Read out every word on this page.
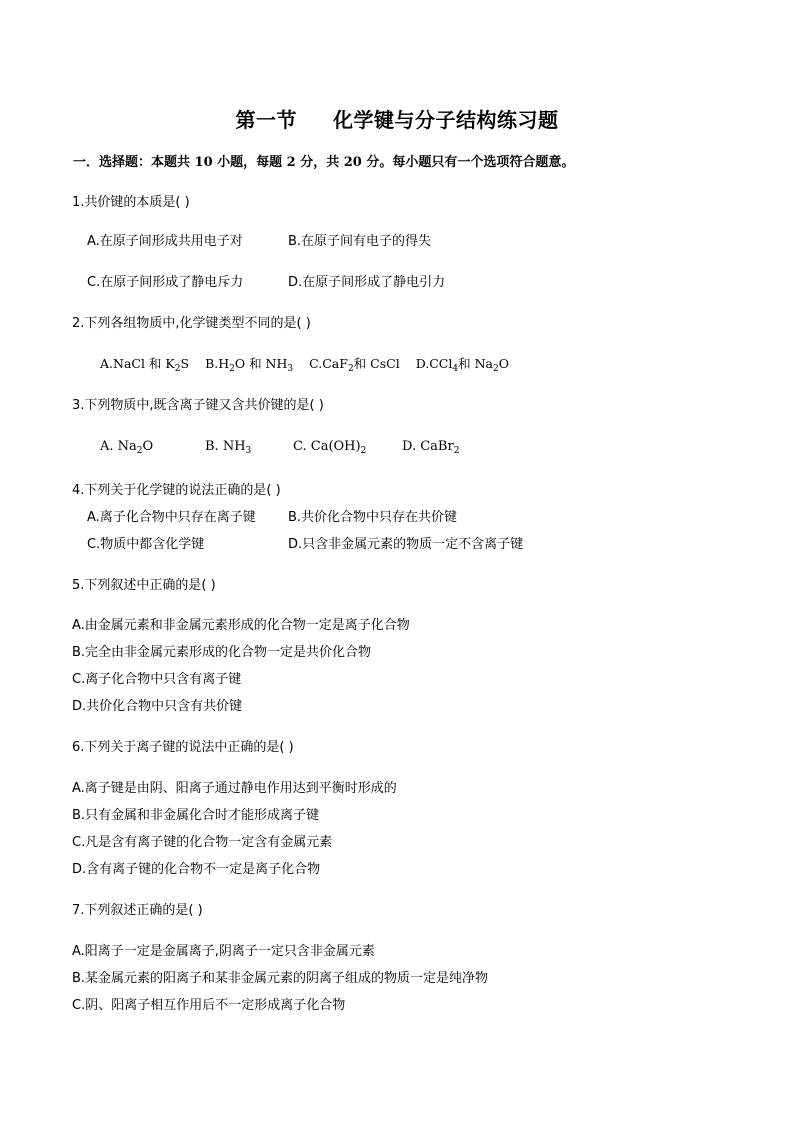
第一节 化学键与分子结构练习题
一．选择题：本题共 10 小题，每题 2 分，共 20 分。每小题只有一个选项符合题意。
1.共价键的本质是( )
A.在原子间形成共用电子对	B.在原子间有电子的得失
C.在原子间形成了静电斥力	D.在原子间形成了静电引力
2.下列各组物质中,化学键类型不同的是( )
A.NaCl 和 $K_2S$ $B.H_2O$ 和 $NH_3$ C.CaF$_2$和 CsCl D.CCl$_4$和 $Na_2O$
3.下列物质中,既含离子键又含共价键的是( )
A. $Na_2O$	B. $NH_3$	C. $Ca(OH)_2$	D. CaBr$_2$
4.下列关于化学键的说法正确的是( )
A.离子化合物中只存在离子键 B.共价化合物中只存在共价键
C.物质中都含化学键	D.只含非金属元素的物质一定不含离子键
5.下列叙述中正确的是( )
A.由金属元素和非金属元素形成的化合物一定是离子化合物
B.完全由非金属元素形成的化合物一定是共价化合物
C.离子化合物中只含有离子键
D.共价化合物中只含有共价键
6.下列关于离子键的说法中正确的是( )
A.离子键是由阴、阳离子通过静电作用达到平衡时形成的
B.只有金属和非金属化合时才能形成离子键
C.凡是含有离子键的化合物一定含有金属元素
D.含有离子键的化合物不一定是离子化合物
7.下列叙述正确的是( )
A.阳离子一定是金属离子,阴离子一定只含非金属元素
B.某金属元素的阳离子和某非金属元素的阴离子组成的物质一定是纯净物
C.阴、阳离子相互作用后不一定形成离子化合物
